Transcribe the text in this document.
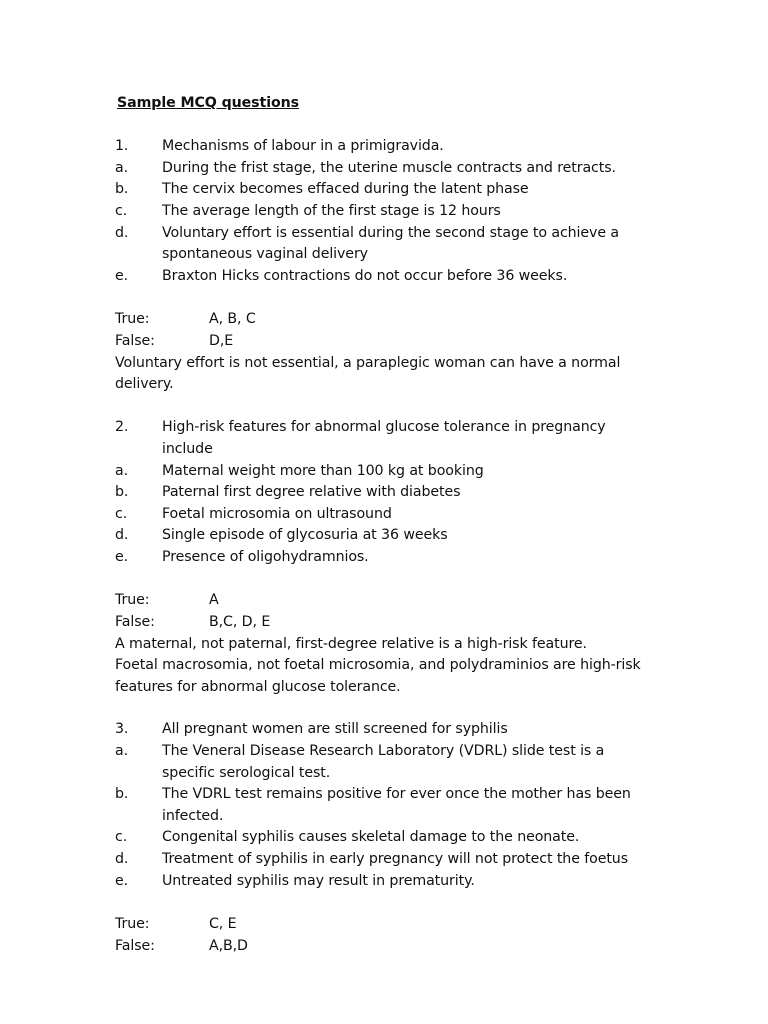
Sample MCQ questions
1. Mechanisms of labour in a primigravida.
a. During the frist stage, the uterine muscle contracts and retracts.
b. The cervix becomes effaced during the latent phase
c. The average length of the first stage is 12 hours
d. Voluntary effort is essential during the second stage to achieve a
spontaneous vaginal delivery
e. Braxton Hicks contractions do not occur before 36 weeks.
True:	A, B, C
False:	D,E
Voluntary effort is not essential, a paraplegic woman can have a normal
delivery.
2. High-risk features for abnormal glucose tolerance in pregnancy
include
a. Maternal weight more than 100 kg at booking
b. Paternal first degree relative with diabetes
c. Foetal microsomia on ultrasound
d. Single episode of glycosuria at 36 weeks
e. Presence of oligohydramnios.
True:	A
False:	B,C, D, E
A maternal, not paternal, first-degree relative is a high-risk feature.
Foetal macrosomia, not foetal microsomia, and polydraminios are high-risk
features for abnormal glucose tolerance.
3. All pregnant women are still screened for syphilis
a. The Veneral Disease Research Laboratory (VDRL) slide test is a
specific serological test.
b. The VDRL test remains positive for ever once the mother has been
infected.
c. Congenital syphilis causes skeletal damage to the neonate.
d. Treatment of syphilis in early pregnancy will not protect the foetus
e. Untreated syphilis may result in prematurity.
True:	C, E
False:	A,B,D
